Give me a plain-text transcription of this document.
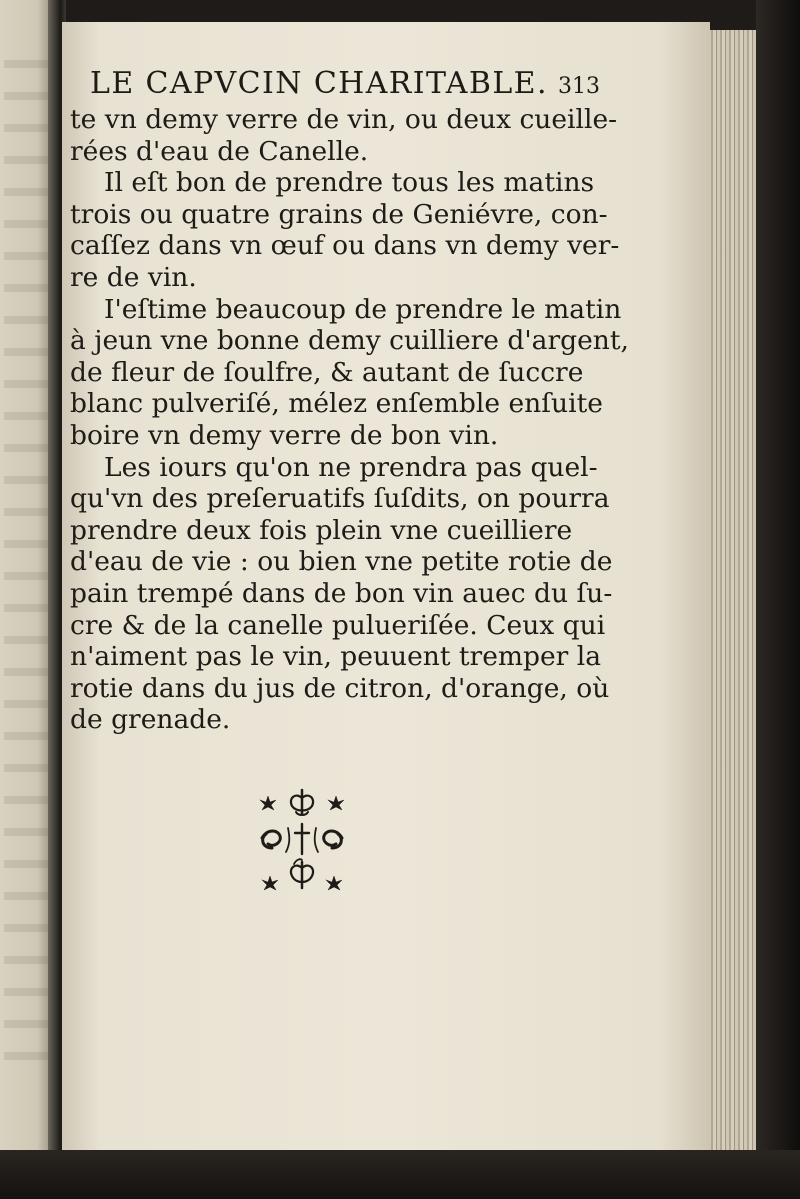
LE CAPVCIN CHARITABLE. 313
te vn demy verre de vin, ou deux cueille-
rées d'eau de Canelle.
Il eſt bon de prendre tous les matins
trois ou quatre grains de Geniévre, con-
caſſez dans vn œuf ou dans vn demy ver-
re de vin.
I'eſtime beaucoup de prendre le matin
à jeun vne bonne demy cuilliere d'argent,
de fleur de ſoulfre, & autant de ſuccre
blanc pulveriſé, mélez enſemble enſuite
boire vn demy verre de bon vin.
Les iours qu'on ne prendra pas quel-
qu'vn des preſeruatifs ſuſdits, on pourra
prendre deux fois plein vne cueilliere
d'eau de vie : ou bien vne petite rotie de
pain trempé dans de bon vin auec du ſu-
cre & de la canelle pulueriſée. Ceux qui
n'aiment pas le vin, peuuent tremper la
rotie dans du jus de citron, d'orange, où
de grenade.
